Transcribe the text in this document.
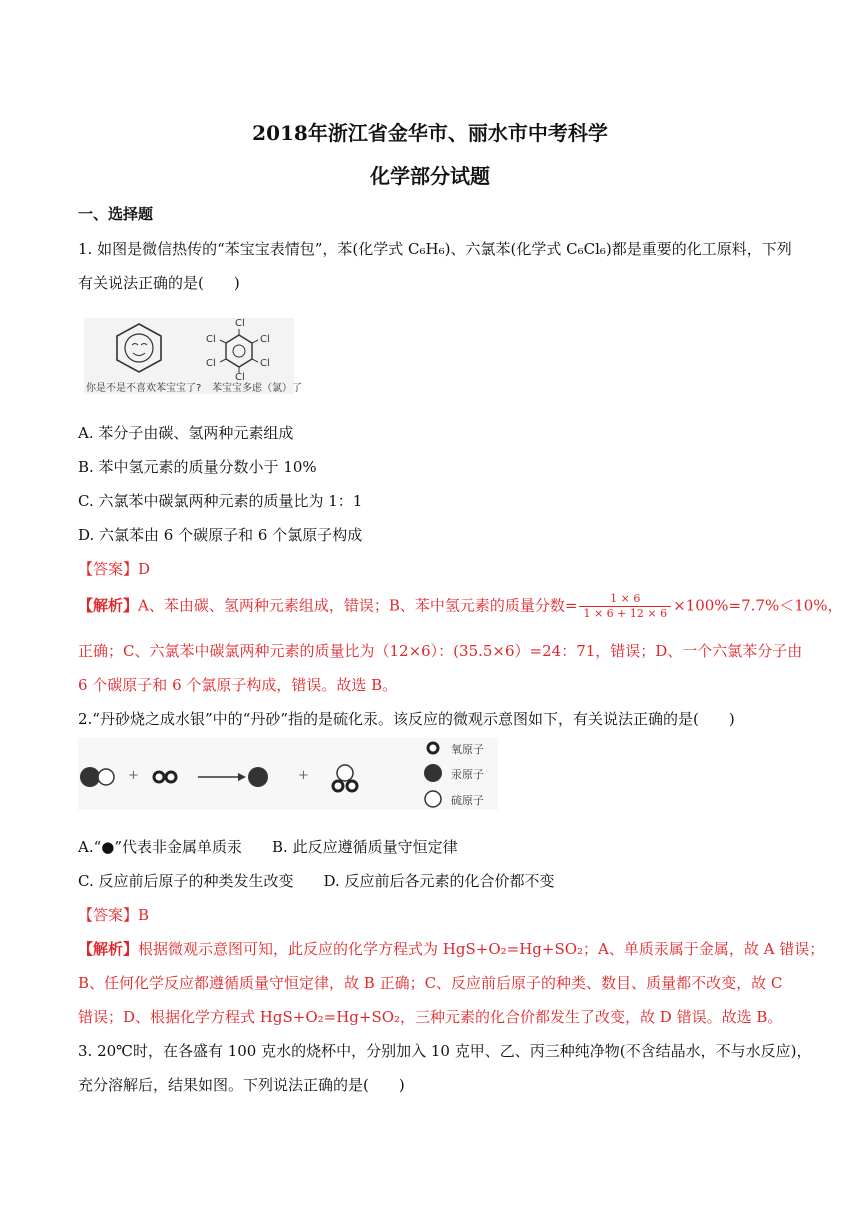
2018年浙江省金华市、丽水市中考科学
化学部分试题
一、选择题
1. 如图是微信热传的“苯宝宝表情包”，苯(化学式 C₆H₆)、六氯苯(化学式 C₆Cl₆)都是重要的化工原料，下列
有关说法正确的是(　　)
Cl
Cl	Cl
Cl	Cl
Cl
你是不是不喜欢苯宝宝了? 苯宝宝多虑（氯）了
A. 苯分子由碳、氢两种元素组成
B. 苯中氢元素的质量分数小于 10%
C. 六氯苯中碳氯两种元素的质量比为 1：1
D. 六氯苯由 6 个碳原子和 6 个氯原子构成
【答案】D
【解析】A、苯由碳、氢两种元素组成，错误；B、苯中氢元素的质量分数= $\frac{1 \times 6}{1 \times 6 + 12 \times 6} \times 100\%=7.7\%<10\%$，
正确；C、六氯苯中碳氯两种元素的质量比为（12×6）：(35.5×6）=24：71，错误；D、一个六氯苯分子由
6 个碳原子和 6 个氯原子构成，错误。故选 B。
2.“丹砂烧之成水银”中的“丹砂”指的是硫化汞。该反应的微观示意图如下，有关说法正确的是(　　)
+	+
氧原子
汞原子
硫原子
A.“●”代表非金属单质汞　　B. 此反应遵循质量守恒定律
C. 反应前后原子的种类发生改变　　D. 反应前后各元素的化合价都不变
【答案】B
【解析】根据微观示意图可知，此反应的化学方程式为 HgS+O₂=Hg+SO₂；A、单质汞属于金属，故 A 错误；
B、任何化学反应都遵循质量守恒定律，故 B 正确；C、反应前后原子的种类、数目、质量都不改变，故 C
错误；D、根据化学方程式 HgS+O₂=Hg+SO₂，三种元素的化合价都发生了改变，故 D 错误。故选 B。
3. 20℃时，在各盛有 100 克水的烧杯中，分别加入 10 克甲、乙、丙三种纯净物(不含结晶水，不与水反应)，
充分溶解后，结果如图。下列说法正确的是(　　)
